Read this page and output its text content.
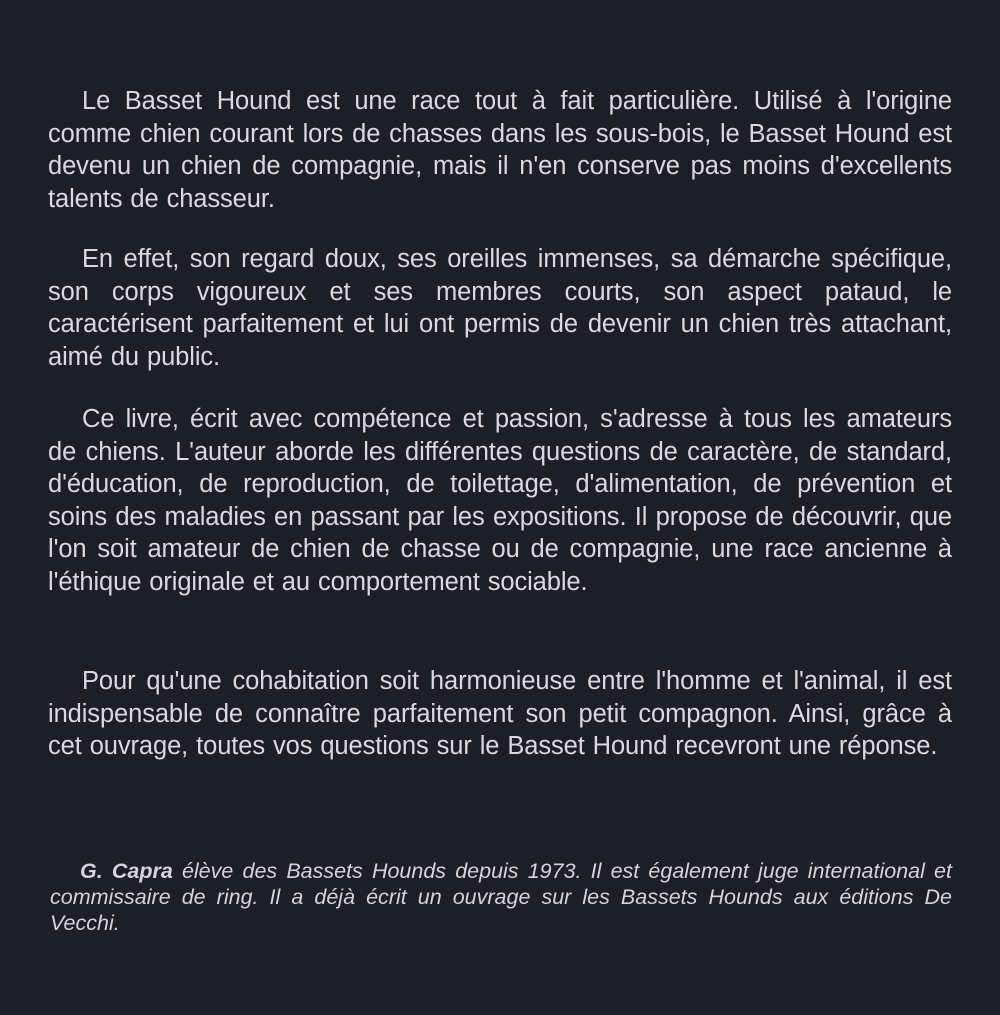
Le Basset Hound est une race tout à fait particulière. Utilisé à l'origine comme chien courant lors de chasses dans les sous-bois, le Basset Hound est devenu un chien de compagnie, mais il n'en conserve pas moins d'excellents talents de chasseur.

En effet, son regard doux, ses oreilles immenses, sa démarche spécifique, son corps vigoureux et ses membres courts, son aspect pataud, le caractérisent parfaitement et lui ont permis de devenir un chien très attachant, aimé du public.

Ce livre, écrit avec compétence et passion, s'adresse à tous les amateurs de chiens. L'auteur aborde les différentes questions de caractère, de standard, d'éducation, de reproduction, de toilettage, d'alimentation, de prévention et soins des maladies en passant par les expositions. Il propose de découvrir, que l'on soit amateur de chien de chasse ou de compagnie, une race ancienne à l'éthique originale et au comportement sociable.

Pour qu'une cohabitation soit harmonieuse entre l'homme et l'animal, il est indispensable de connaître parfaitement son petit compagnon. Ainsi, grâce à cet ouvrage, toutes vos questions sur le Basset Hound recevront une réponse.

G. Capra élève des Bassets Hounds depuis 1973. Il est également juge international et commissaire de ring. Il a déjà écrit un ouvrage sur les Bassets Hounds aux éditions De Vecchi.
